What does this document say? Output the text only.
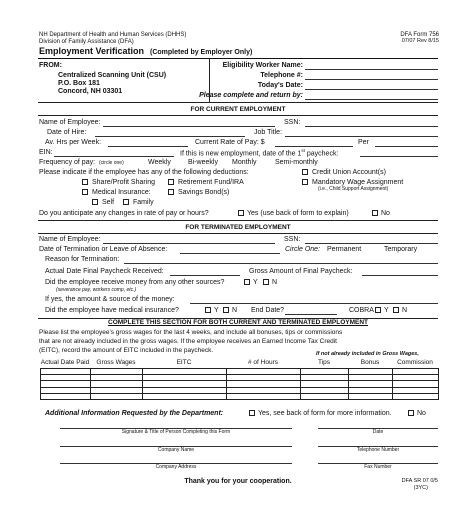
NH Department of Health and Human Services (DHHS)
Division of Family Assistance (DFA)
DFA Form 756
07/07 Rev 8/15
Employment Verification (Completed by Employer Only)
FROM:
Centralized Scanning Unit (CSU)
P.O. Box 181
Concord, NH 03301
Eligibility Worker Name:
Telephone #:
Today's Date:
Please complete and return by:
FOR CURRENT EMPLOYMENT
Name of Employee:	SSN:
Date of Hire:	Job Title:
Av. Hrs per Week:	Current Rate of Pay: $	Per
EIN:	If this is new employment, date of the 1st paycheck:
Frequency of pay: (circle one)	Weekly Bi-weekly Monthly	Semi-monthly
Please indicate if the employee has any of the following deductions:	Credit Union Account(s)
Share/Profit Sharing	Retirement Fund/IRA	Mandatory Wage Assignment
(i.e., Child Support Assignment)
Medical Insurance:	Savings Bond(s)
Self	Family
Do you anticipate any changes in rate of pay or hours?	Yes (use back of form to explain)	No
FOR TERMINATED EMPLOYMENT
Name of Employee:	SSN:
Date of Termination or Leave of Absence:	Circle One: Permanent	Temporary
Reason for Termination:
Actual Date Final Paycheck Received:	Gross Amount of Final Paycheck:
Did the employee receive money from any other sources?	Y N
(severance pay, workers comp, etc.)
If yes, the amount & source of the money:
Did the employee have medical insurance?	Y N End Date?	COBRA Y N
COMPLETE THIS SECTION FOR BOTH CURRENT AND TERMINATED EMPLOYMENT
Please list the employee's gross wages for the last 4 weeks, and include all bonuses, tips or commissions
that are not already included in the gross wages. If the employee receives an Earned Income Tax Credit
(EITC), record the amount of EITC included in the paycheck.	If not already included in Gross Wages,
Actual Date Paid	Gross Wages	EITC	# of Hours	Tips	Bonus	Commission

Additional Information Requested by the Department:	Yes, see back of form for more information.	No
Signature & Title of Person Completing this Form	Date
Company Name	Telephone Number
Company Address	Fax Number
Thank you for your cooperation.	DFA SR 07 0/5
(3YC)
